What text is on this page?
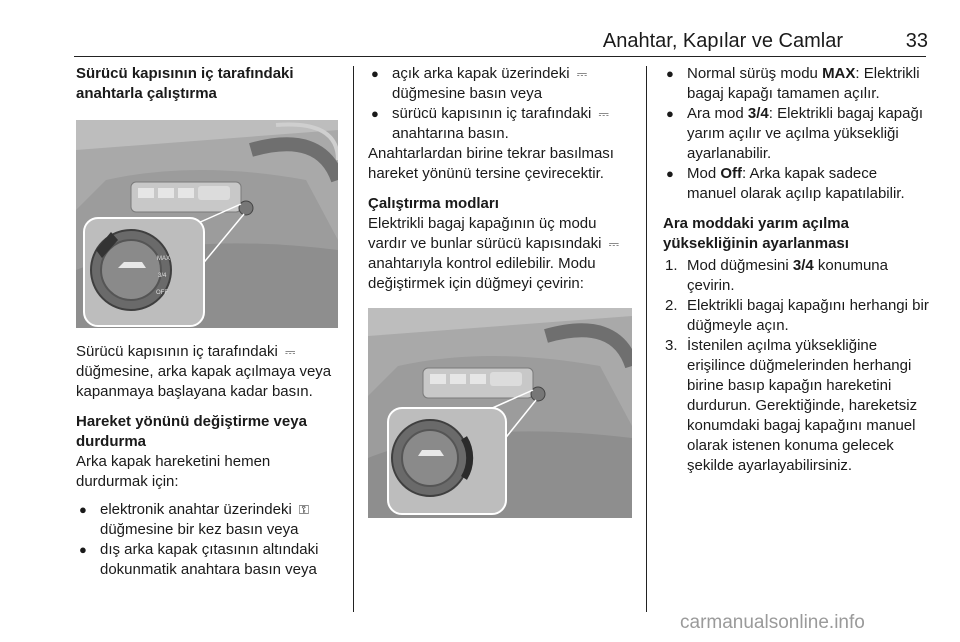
Anahtar, Kapılar ve Camlar	33

Sürücü kapısının iç tarafındaki anahtarla çalıştırma

MAX
3/4
OFF

Sürücü kapısının iç tarafındaki ⎓ düğmesine, arka kapak açılmaya veya kapanmaya başlayana kadar basın.

Hareket yönünü değiştirme veya durdurma

Arka kapak hareketini hemen durdurmak için:

● elektronik anahtar üzerindeki ⚿ düğmesine bir kez basın veya

● dış arka kapak çıtasının altındaki dokunmatik anahtara basın veya

● açık arka kapak üzerindeki ⎓ düğmesine basın veya

● sürücü kapısının iç tarafındaki ⎓ anahtarına basın.

Anahtarlardan birine tekrar basılması hareket yönünü tersine çevirecektir.

Çalıştırma modları

Elektrikli bagaj kapağının üç modu vardır ve bunlar sürücü kapısındaki ⎓ anahtarıyla kontrol edilebilir. Modu değiştirmek için düğmeyi çevirin:

● Normal sürüş modu MAX: Elektrikli bagaj kapağı tamamen açılır.

● Ara mod 3/4: Elektrikli bagaj kapağı yarım açılır ve açılma yüksekliği ayarlanabilir.

● Mod Off: Arka kapak sadece manuel olarak açılıp kapatılabilir.

Ara moddaki yarım açılma yüksekliğinin ayarlanması

1. Mod düğmesini 3/4 konumuna çevirin.

2. Elektrikli bagaj kapağını herhangi bir düğmeyle açın.

3. İstenilen açılma yüksekliğine erişilince düğmelerinden herhangi birine basıp kapağın hareketini durdurun. Gerektiğinde, hareketsiz konumdaki bagaj kapağını manuel olarak istenen konuma gelecek şekilde ayarlayabilirsiniz.

carmanualsonline.info
